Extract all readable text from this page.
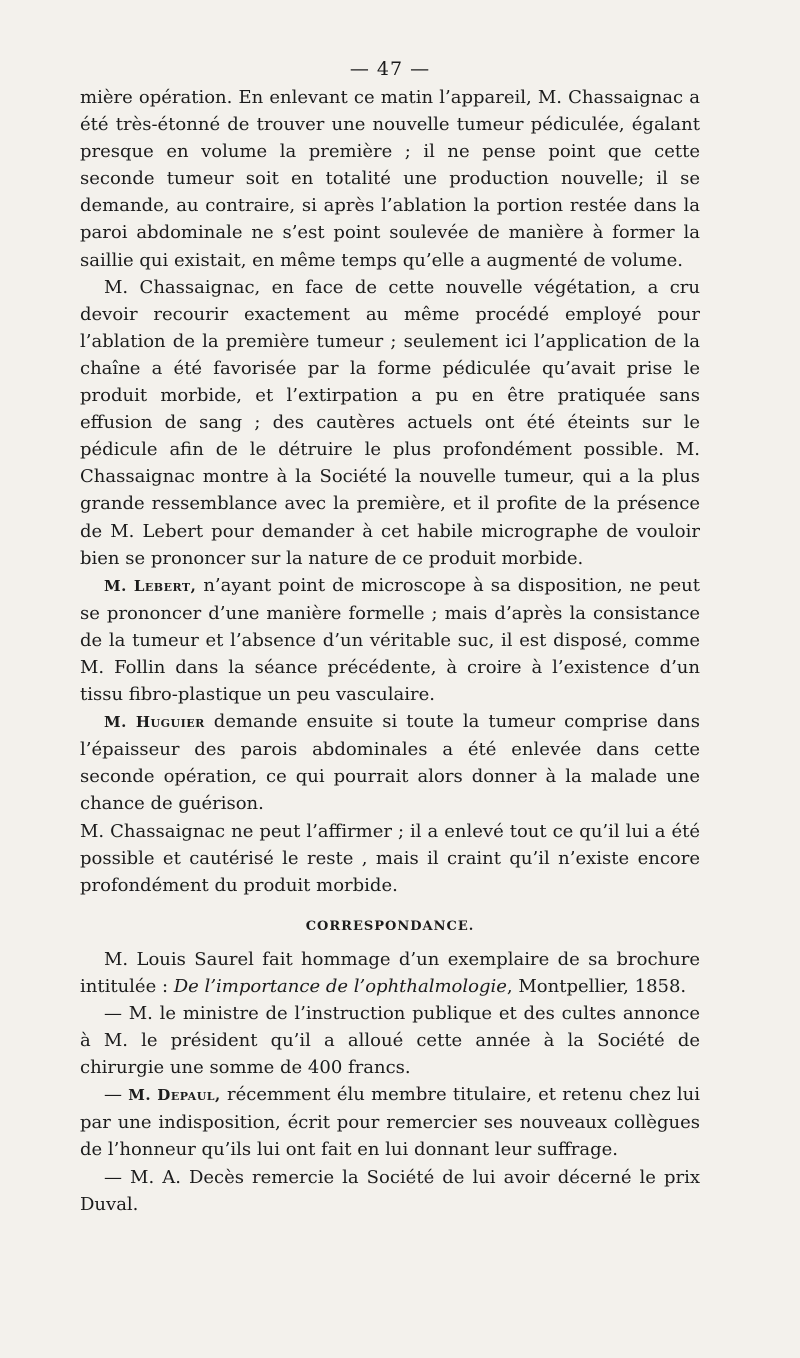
— 47 —

mière opération. En enlevant ce matin l’appareil, M. Chassaignac a été très-étonné de trouver une nouvelle tumeur pédiculée, égalant presque en volume la première ; il ne pense point que cette seconde tumeur soit en totalité une production nouvelle; il se demande, au contraire, si après l’ablation la portion restée dans la paroi abdominale ne s’est point soulevée de manière à former la saillie qui existait, en même temps qu’elle a augmenté de volume.

M. Chassaignac, en face de cette nouvelle végétation, a cru devoir recourir exactement au même procédé employé pour l’ablation de la première tumeur ; seulement ici l’application de la chaîne a été favorisée par la forme pédiculée qu’avait prise le produit morbide, et l’extirpation a pu en être pratiquée sans effusion de sang ; des cautères actuels ont été éteints sur le pédicule afin de le détruire le plus profondément possible. M. Chassaignac montre à la Société la nouvelle tumeur, qui a la plus grande ressemblance avec la première, et il profite de la présence de M. Lebert pour demander à cet habile micrographe de vouloir bien se prononcer sur la nature de ce produit morbide.

M. Lebert, n’ayant point de microscope à sa disposition, ne peut se prononcer d’une manière formelle ; mais d’après la consistance de la tumeur et l’absence d’un véritable suc, il est disposé, comme M. Follin dans la séance précédente, à croire à l’existence d’un tissu fibro-plastique un peu vasculaire.

M. Huguier demande ensuite si toute la tumeur comprise dans l’épaisseur des parois abdominales a été enlevée dans cette seconde opération, ce qui pourrait alors donner à la malade une chance de guérison.

M. Chassaignac ne peut l’affirmer ; il a enlevé tout ce qu’il lui a été possible et cautérisé le reste , mais il craint qu’il n’existe encore profondément du produit morbide.

CORRESPONDANCE.

M. Louis Saurel fait hommage d’un exemplaire de sa brochure intitulée : De l’importance de l’ophthalmologie, Montpellier, 1858.

— M. le ministre de l’instruction publique et des cultes annonce à M. le président qu’il a alloué cette année à la Société de chirurgie une somme de 400 francs.

— M. Depaul, récemment élu membre titulaire, et retenu chez lui par une indisposition, écrit pour remercier ses nouveaux collègues de l’honneur qu’ils lui ont fait en lui donnant leur suffrage.

— M. A. Decès remercie la Société de lui avoir décerné le prix Duval.
